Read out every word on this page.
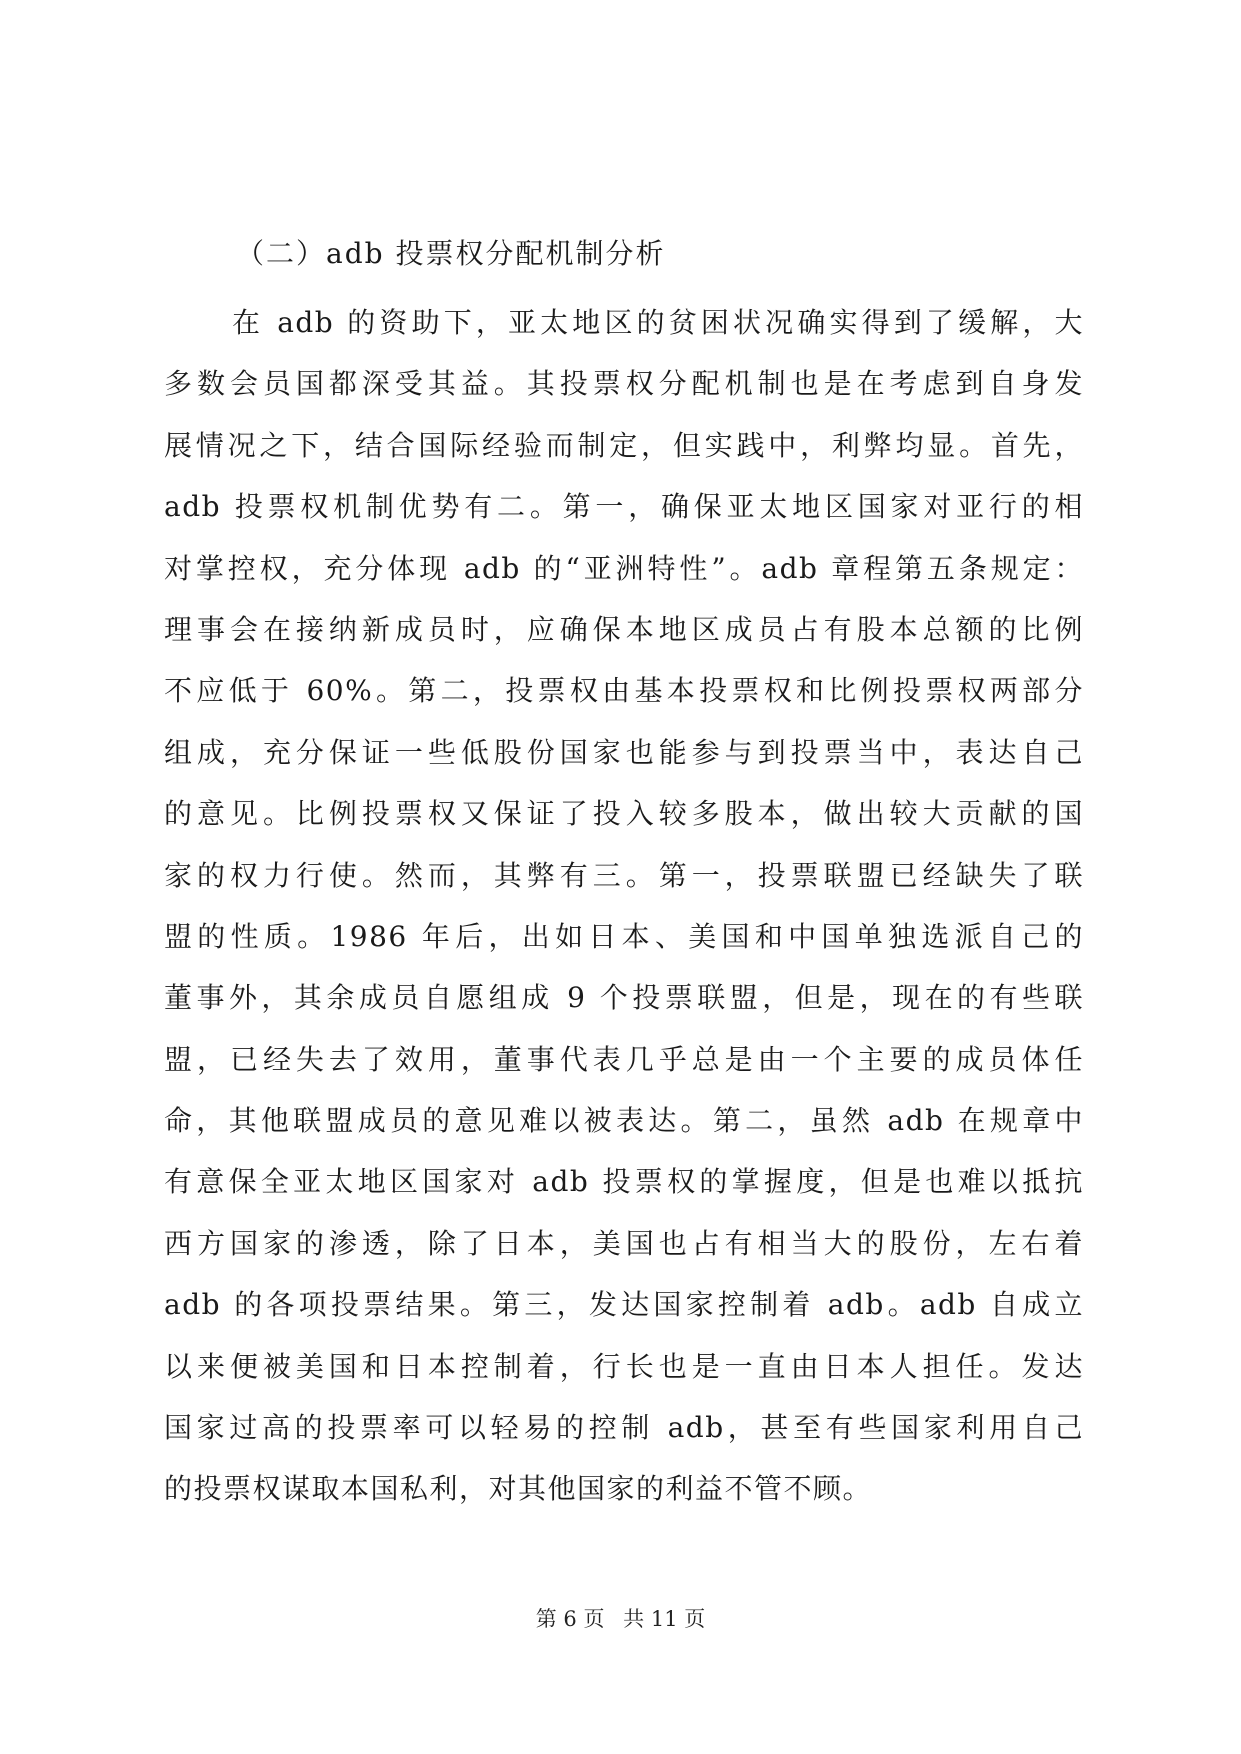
（二）adb 投票权分配机制分析
在 adb 的资助下，亚太地区的贫困状况确实得到了缓解，大
多数会员国都深受其益。其投票权分配机制也是在考虑到自身发
展情况之下，结合国际经验而制定，但实践中，利弊均显。首先，
adb 投票权机制优势有二。第一，确保亚太地区国家对亚行的相
对掌控权，充分体现 adb 的“亚洲特性”。adb 章程第五条规定：
理事会在接纳新成员时，应确保本地区成员占有股本总额的比例
不应低于 60%。第二，投票权由基本投票权和比例投票权两部分
组成，充分保证一些低股份国家也能参与到投票当中，表达自己
的意见。比例投票权又保证了投入较多股本，做出较大贡献的国
家的权力行使。然而，其弊有三。第一，投票联盟已经缺失了联
盟的性质。1986 年后，出如日本、美国和中国单独选派自己的
董事外，其余成员自愿组成 9 个投票联盟，但是，现在的有些联
盟，已经失去了效用，董事代表几乎总是由一个主要的成员体任
命，其他联盟成员的意见难以被表达。第二，虽然 adb 在规章中
有意保全亚太地区国家对 adb 投票权的掌握度，但是也难以抵抗
西方国家的渗透，除了日本，美国也占有相当大的股份，左右着
adb 的各项投票结果。第三，发达国家控制着 adb。adb 自成立
以来便被美国和日本控制着，行长也是一直由日本人担任。发达
国家过高的投票率可以轻易的控制 adb，甚至有些国家利用自己
的投票权谋取本国私利，对其他国家的利益不管不顾。
第 6 页 共 11 页
